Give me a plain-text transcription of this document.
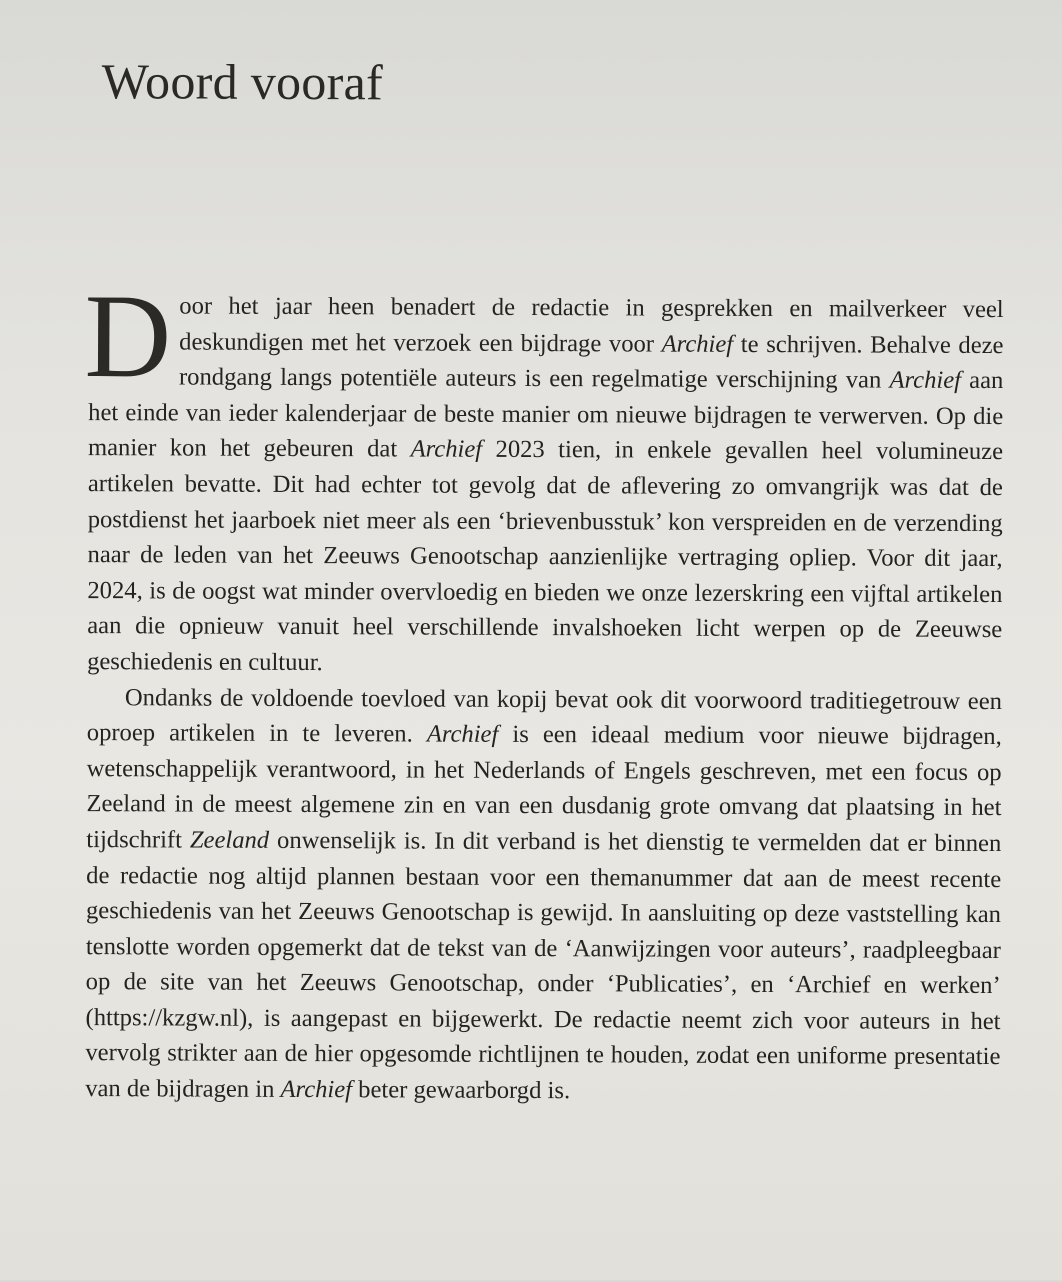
Woord vooraf

D oor het jaar heen benadert de redactie in gesprekken en mailverkeer veel deskundigen met het verzoek een bijdrage voor Archief te schrijven. Behalve deze rondgang langs potentiële auteurs is een regelmatige verschijning van Archief aan het einde van ieder kalenderjaar de beste manier om nieuwe bijdragen te verwerven. Op die manier kon het gebeuren dat Archief 2023 tien, in enkele gevallen heel volumineuze artikelen bevatte. Dit had echter tot gevolg dat de aflevering zo omvangrijk was dat de postdienst het jaarboek niet meer als een ‘brievenbusstuk’ kon verspreiden en de verzending naar de leden van het Zeeuws Genootschap aanzienlijke vertraging opliep. Voor dit jaar, 2024, is de oogst wat minder overvloedig en bieden we onze lezerskring een vijftal artikelen aan die opnieuw vanuit heel verschillende invalshoeken licht werpen op de Zeeuwse geschiedenis en cultuur.

Ondanks de voldoende toevloed van kopij bevat ook dit voorwoord traditiegetrouw een oproep artikelen in te leveren. Archief is een ideaal medium voor nieuwe bijdragen, wetenschappelijk verantwoord, in het Nederlands of Engels geschreven, met een focus op Zeeland in de meest algemene zin en van een dusdanig grote omvang dat plaatsing in het tijdschrift Zeeland onwenselijk is. In dit verband is het dienstig te vermelden dat er binnen de redactie nog altijd plannen bestaan voor een themanummer dat aan de meest recente geschiedenis van het Zeeuws Genootschap is gewijd. In aansluiting op deze vaststelling kan tenslotte worden opgemerkt dat de tekst van de ‘Aanwijzingen voor auteurs’, raadpleegbaar op de site van het Zeeuws Genootschap, onder ‘Publicaties’, en ‘Archief en werken’ (https://kzgw.nl), is aangepast en bijgewerkt. De redactie neemt zich voor auteurs in het vervolg strikter aan de hier opgesomde richtlijnen te houden, zodat een uniforme presentatie van de bijdragen in Archief beter gewaarborgd is.
